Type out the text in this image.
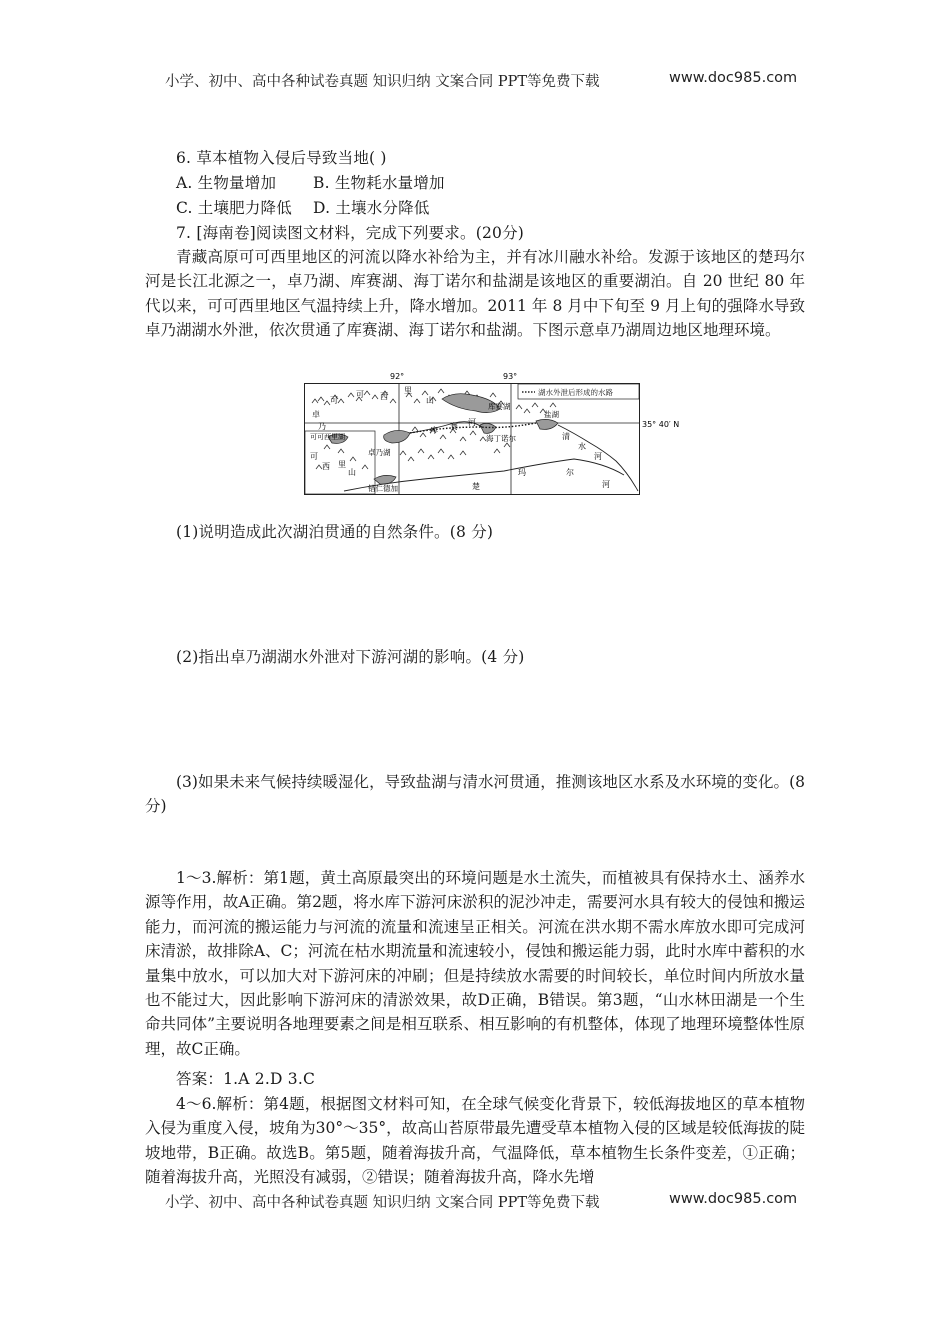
小学、初中、高中各种试卷真题 知识归纳 文案合同 PPT等免费下载	www.doc985.com
6. 草本植物入侵后导致当地( )
A. 生物量增加 B. 生物耗水量增加
C. 土壤肥力降低 D. 土壤水分降低
7. [海南卷]阅读图文材料，完成下列要求。(20分)
青藏高原可可西里地区的河流以降水补给为主，并有冰川融水补给。发源于该地区的楚玛尔河是长江北源之一，卓乃湖、库赛湖、海丁诺尔和盐湖是该地区的重要湖泊。自 20 世纪 80 年代以来，可可西里地区气温持续上升，降水增加。2011 年 8 月中下旬至 9 月上旬的强降水导致卓乃湖湖水外泄，依次贯通了库赛湖、海丁诺尔和盐湖。下图示意卓乃湖周边地区地理环境。
湖水外泄后形成的水路
92°
35° 40′ N
库赛湖
盐湖
卓乃湖
海丁诺尔
可可西里湖
错仁德加
库 赛 河
清
水
河
楚
玛	尔
河
可
可 西
里
山
卓
乃
可
西 里
山
93°
(1)说明造成此次湖泊贯通的自然条件。(8 分)
(2)指出卓乃湖湖水外泄对下游河湖的影响。(4 分)
(3)如果未来气候持续暖湿化，导致盐湖与清水河贯通，推测该地区水系及水环境的变化。(8 分)
1～3.解析：第1题，黄土高原最突出的环境问题是水土流失，而植被具有保持水土、涵养水源等作用，故A正确。第2题，将水库下游河床淤积的泥沙冲走，需要河水具有较大的侵蚀和搬运能力，而河流的搬运能力与河流的流量和流速呈正相关。河流在洪水期不需水库放水即可完成河床清淤，故排除A、C；河流在枯水期流量和流速较小，侵蚀和搬运能力弱，此时水库中蓄积的水量集中放水，可以加大对下游河床的冲刷；但是持续放水需要的时间较长，单位时间内所放水量也不能过大，因此影响下游河床的清淤效果，故D正确，B错误。第3题，“山水林田湖是一个生命共同体”主要说明各地理要素之间是相互联系、相互影响的有机整体，体现了地理环境整体性原理，故C正确。
答案：1.A 2.D 3.C
4～6.解析：第4题，根据图文材料可知，在全球气候变化背景下，较低海拔地区的草本植物入侵为重度入侵，坡角为30°～35°，故高山苔原带最先遭受草本植物入侵的区域是较低海拔的陡坡地带，B正确。故选B。第5题，随着海拔升高，气温降低，草本植物生长条件变差，①正确；随着海拔升高，光照没有减弱，②错误；随着海拔升高，降水先增
小学、初中、高中各种试卷真题 知识归纳 文案合同 PPT等免费下载	www.doc985.com
